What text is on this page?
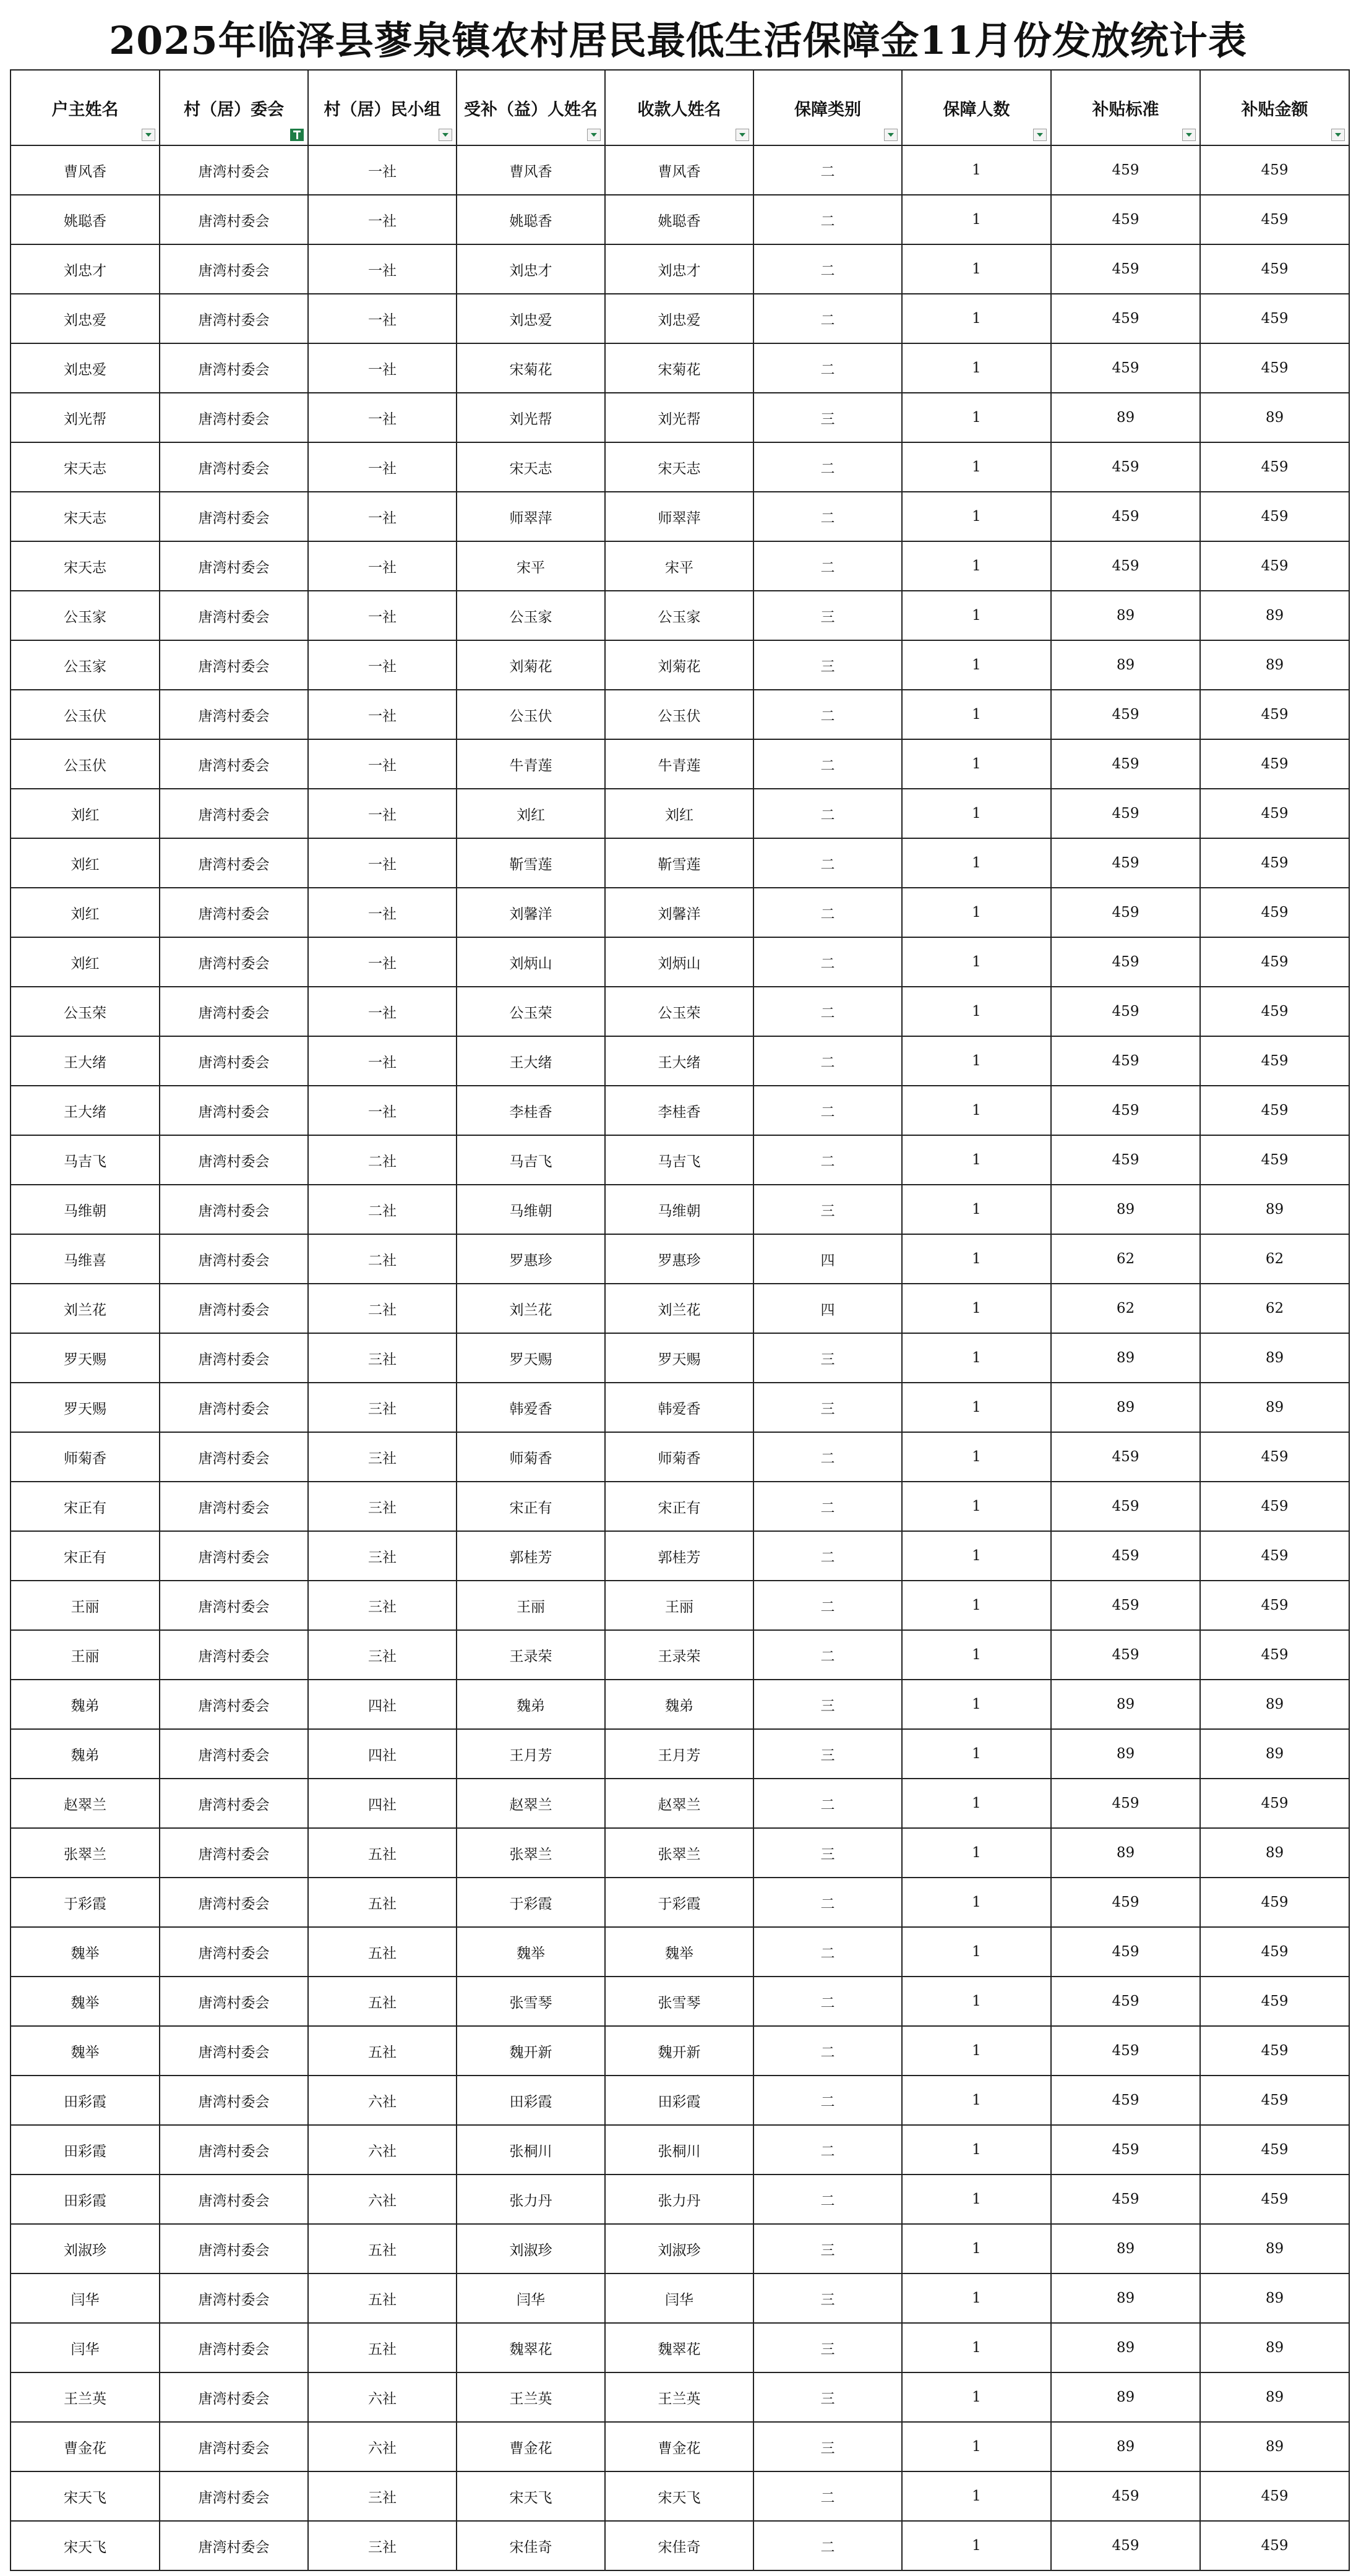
2025年临泽县蓼泉镇农村居民最低生活保障金11月份发放统计表
户主姓名	村（居）委会	村（居）民小组	受补（益）人姓名	收款人姓名	保障类别	保障人数	补贴标准	补贴金额

曹风香	唐湾村委会	一社	曹风香	曹风香	二	1	459	459
姚聪香	唐湾村委会	一社	姚聪香	姚聪香	二	1	459	459
刘忠才	唐湾村委会	一社	刘忠才	刘忠才	二	1	459	459
刘忠爱	唐湾村委会	一社	刘忠爱	刘忠爱	二	1	459	459
刘忠爱	唐湾村委会	一社	宋菊花	宋菊花	二	1	459	459
刘光帮	唐湾村委会	一社	刘光帮	刘光帮	三	1	89	89
宋天志	唐湾村委会	一社	宋天志	宋天志	二	1	459	459
宋天志	唐湾村委会	一社	师翠萍	师翠萍	二	1	459	459
宋天志	唐湾村委会	一社	宋平	宋平	二	1	459	459
公玉家	唐湾村委会	一社	公玉家	公玉家	三	1	89	89
公玉家	唐湾村委会	一社	刘菊花	刘菊花	三	1	89	89
公玉伏	唐湾村委会	一社	公玉伏	公玉伏	二	1	459	459
公玉伏	唐湾村委会	一社	牛青莲	牛青莲	二	1	459	459
刘红	唐湾村委会	一社	刘红	刘红	二	1	459	459
刘红	唐湾村委会	一社	靳雪莲	靳雪莲	二	1	459	459
刘红	唐湾村委会	一社	刘馨洋	刘馨洋	二	1	459	459
刘红	唐湾村委会	一社	刘炳山	刘炳山	二	1	459	459
公玉荣	唐湾村委会	一社	公玉荣	公玉荣	二	1	459	459
王大绪	唐湾村委会	一社	王大绪	王大绪	二	1	459	459
王大绪	唐湾村委会	一社	李桂香	李桂香	二	1	459	459
马吉飞	唐湾村委会	二社	马吉飞	马吉飞	二	1	459	459
马维朝	唐湾村委会	二社	马维朝	马维朝	三	1	89	89
马维喜	唐湾村委会	二社	罗惠珍	罗惠珍	四	1	62	62
刘兰花	唐湾村委会	二社	刘兰花	刘兰花	四	1	62	62
罗天赐	唐湾村委会	三社	罗天赐	罗天赐	三	1	89	89
罗天赐	唐湾村委会	三社	韩爱香	韩爱香	三	1	89	89
师菊香	唐湾村委会	三社	师菊香	师菊香	二	1	459	459
宋正有	唐湾村委会	三社	宋正有	宋正有	二	1	459	459
宋正有	唐湾村委会	三社	郭桂芳	郭桂芳	二	1	459	459
王丽	唐湾村委会	三社	王丽	王丽	二	1	459	459
王丽	唐湾村委会	三社	王录荣	王录荣	二	1	459	459
魏弟	唐湾村委会	四社	魏弟	魏弟	三	1	89	89
魏弟	唐湾村委会	四社	王月芳	王月芳	三	1	89	89
赵翠兰	唐湾村委会	四社	赵翠兰	赵翠兰	二	1	459	459
张翠兰	唐湾村委会	五社	张翠兰	张翠兰	三	1	89	89
于彩霞	唐湾村委会	五社	于彩霞	于彩霞	二	1	459	459
魏举	唐湾村委会	五社	魏举	魏举	二	1	459	459
魏举	唐湾村委会	五社	张雪琴	张雪琴	二	1	459	459
魏举	唐湾村委会	五社	魏开新	魏开新	二	1	459	459
田彩霞	唐湾村委会	六社	田彩霞	田彩霞	二	1	459	459
田彩霞	唐湾村委会	六社	张桐川	张桐川	二	1	459	459
田彩霞	唐湾村委会	六社	张力丹	张力丹	二	1	459	459
刘淑珍	唐湾村委会	五社	刘淑珍	刘淑珍	三	1	89	89
闫华	唐湾村委会	五社	闫华	闫华	三	1	89	89
闫华	唐湾村委会	五社	魏翠花	魏翠花	三	1	89	89
王兰英	唐湾村委会	六社	王兰英	王兰英	三	1	89	89
曹金花	唐湾村委会	六社	曹金花	曹金花	三	1	89	89
宋天飞	唐湾村委会	三社	宋天飞	宋天飞	二	1	459	459
宋天飞	唐湾村委会	三社	宋佳奇	宋佳奇	二	1	459	459
